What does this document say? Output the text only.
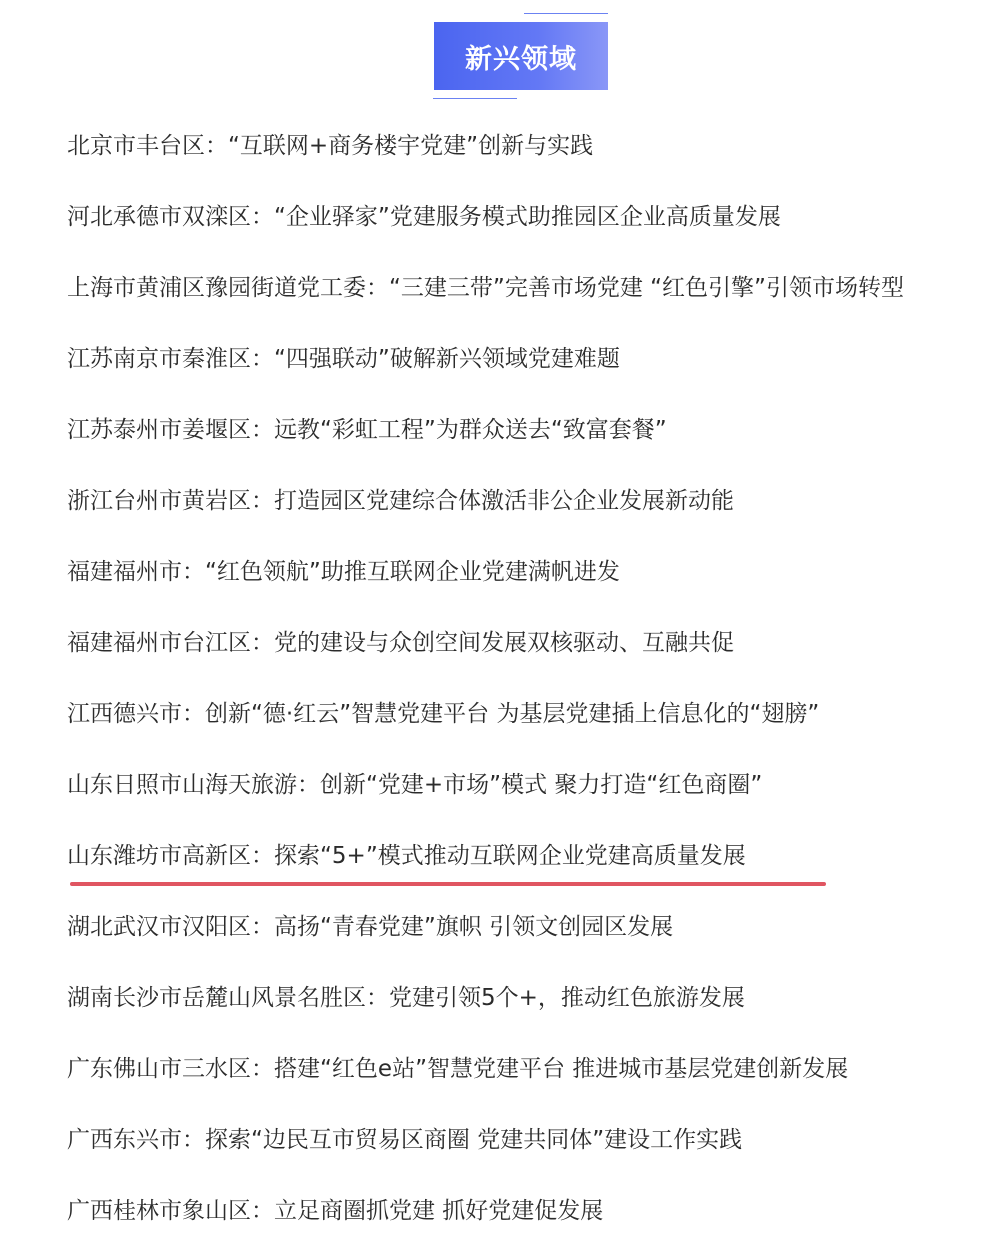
新兴领域
北京市丰台区：“互联网+商务楼宇党建”创新与实践
河北承德市双滦区：“企业驿家”党建服务模式助推园区企业高质量发展
上海市黄浦区豫园街道党工委：“三建三带”完善市场党建 “红色引擎”引领市场转型
江苏南京市秦淮区：“四强联动”破解新兴领域党建难题
江苏泰州市姜堰区：远教“彩虹工程”为群众送去“致富套餐”
浙江台州市黄岩区：打造园区党建综合体激活非公企业发展新动能
福建福州市：“红色领航”助推互联网企业党建满帆进发
福建福州市台江区：党的建设与众创空间发展双核驱动、互融共促
江西德兴市：创新“德·红云”智慧党建平台 为基层党建插上信息化的“翅膀”
山东日照市山海天旅游：创新“党建+市场”模式 聚力打造“红色商圈”
山东潍坊市高新区：探索“5+”模式推动互联网企业党建高质量发展
湖北武汉市汉阳区：高扬“青春党建”旗帜 引领文创园区发展
湖南长沙市岳麓山风景名胜区：党建引领5个+，推动红色旅游发展
广东佛山市三水区：搭建“红色e站”智慧党建平台 推进城市基层党建创新发展
广西东兴市：探索“边民互市贸易区商圈 党建共同体”建设工作实践
广西桂林市象山区：立足商圈抓党建 抓好党建促发展
